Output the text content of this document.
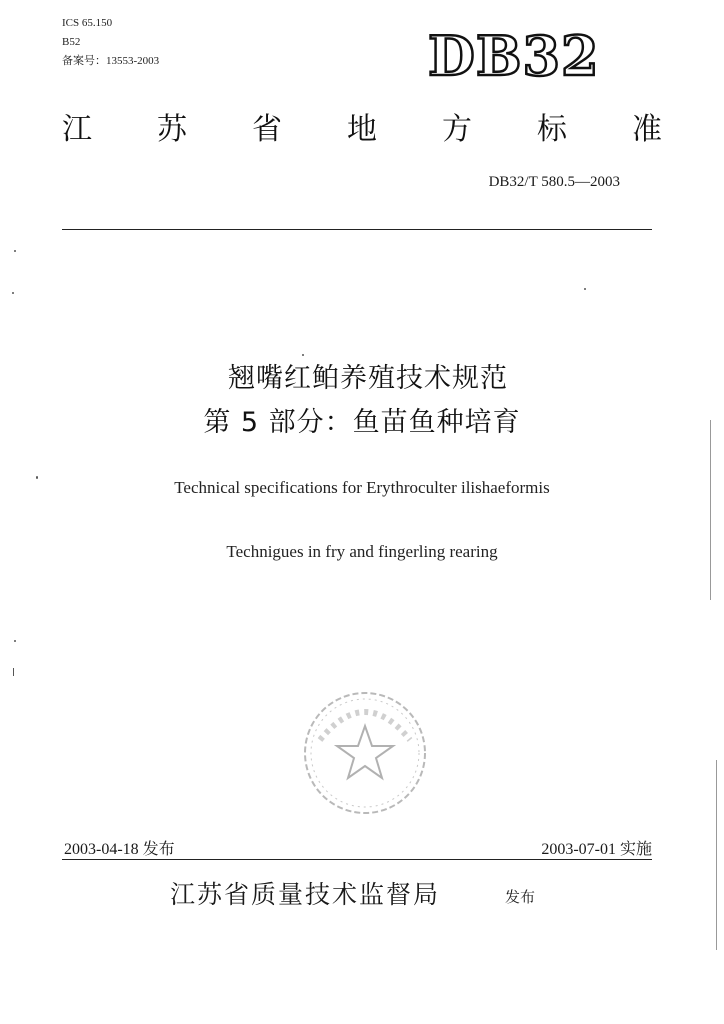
ICS 65.150
B52
备案号：13553-2003	DB32
江 苏 省 地 方 标 准
DB32/T 580.5—2003
翘嘴红鲌养殖技术规范
第 5 部分：鱼苗鱼种培育
Technical specifications for Erythroculter ilishaeformis
Technigues in fry and fingerling rearing
2003-04-18 发布	2003-07-01 实施
江苏省质量技术监督局	发布
